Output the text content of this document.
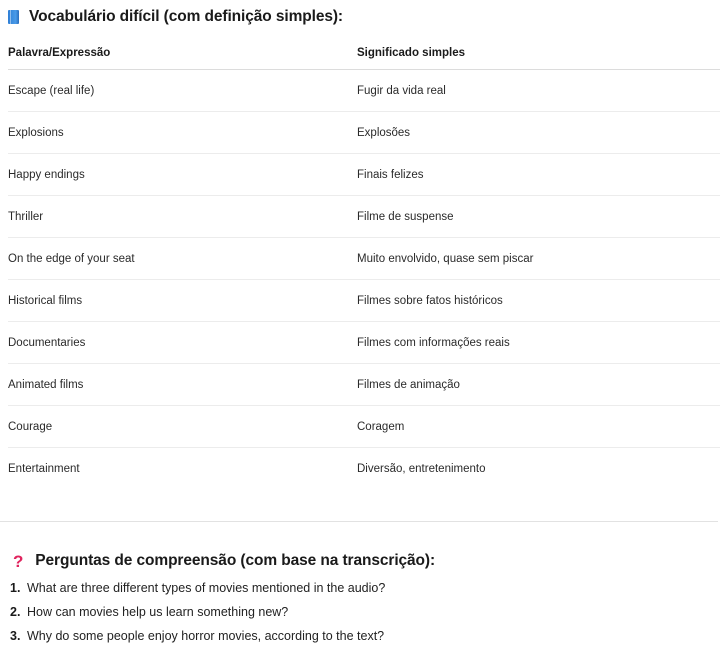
Vocabulário difícil (com definição simples):
Palavra/Expressão	Significado simples
Escape (real life)	Fugir da vida real
Explosions	Explosões
Happy endings	Finais felizes
Thriller	Filme de suspense
On the edge of your seat	Muito envolvido, quase sem piscar
Historical films	Filmes sobre fatos históricos
Documentaries	Filmes com informações reais
Animated films	Filmes de animação
Courage	Coragem
Entertainment	Diversão, entretenimento
? Perguntas de compreensão (com base na transcrição):
1. What are three different types of movies mentioned in the audio?
2. How can movies help us learn something new?
3. Why do some people enjoy horror movies, according to the text?
